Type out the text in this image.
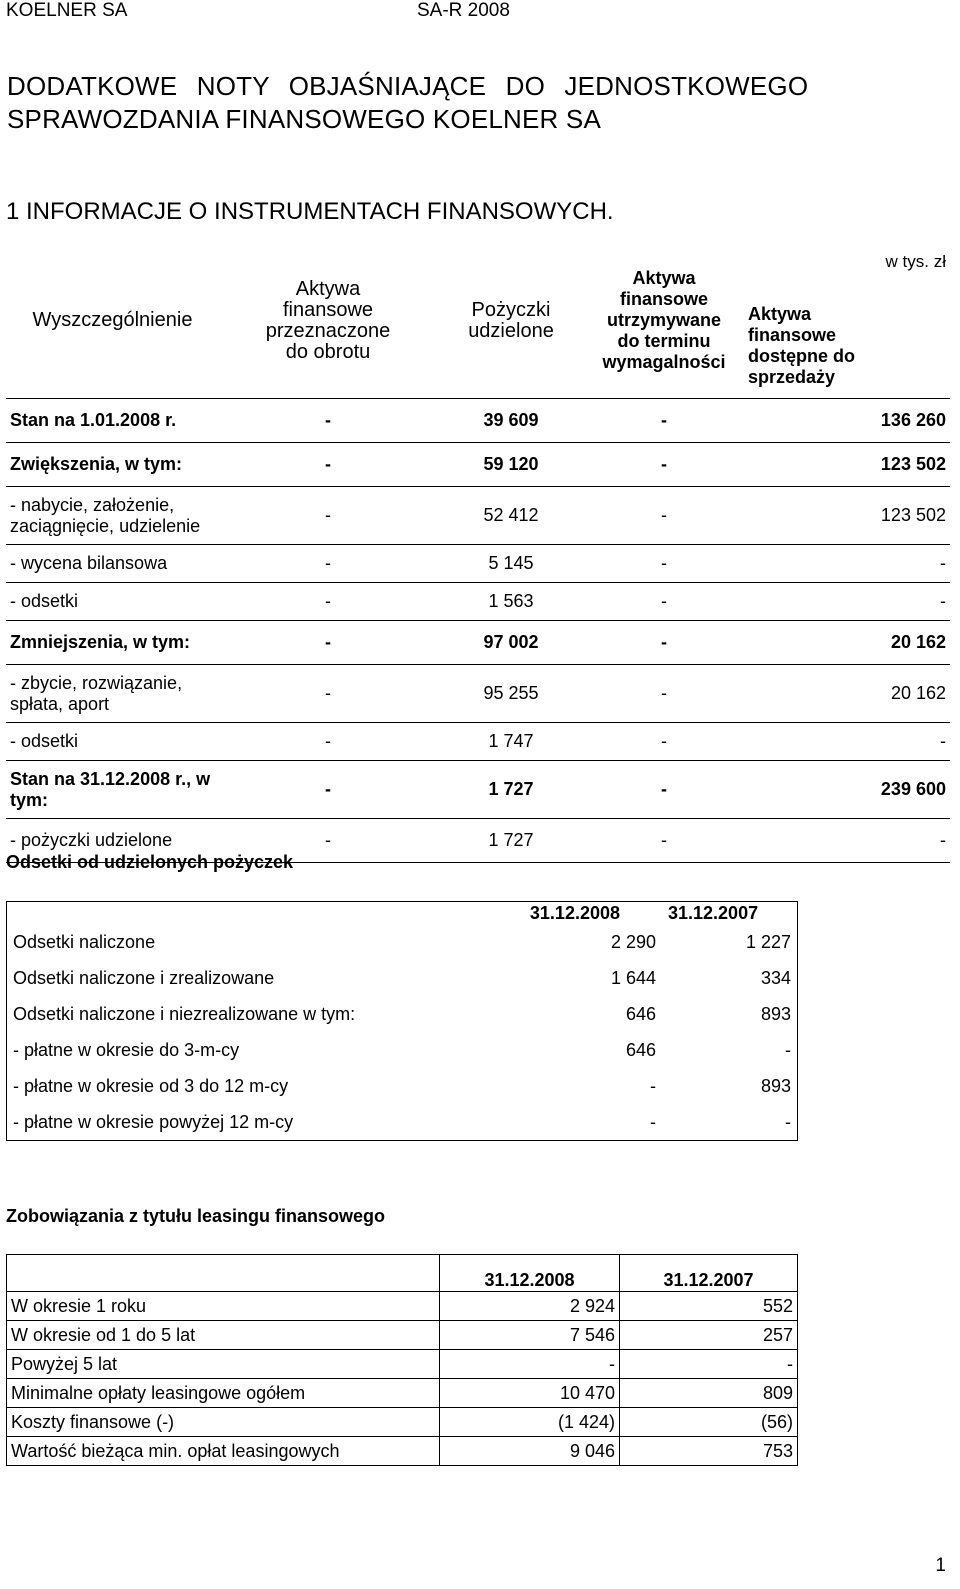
KOELNER SA	SA-R 2008
DODATKOWE NOTY OBJAŚNIAJĄCE DO JEDNOSTKOWEGO
SPRAWOZDANIA FINANSOWEGO KOELNER SA
1 INFORMACJE O INSTRUMENTACH FINANSOWYCH.
w tys. zł
Wyszczególnienie	Aktywa finansowe przeznaczone do obrotu	Pożyczki udzielone	Aktywa finansowe utrzymywane do terminu wymagalności	Aktywa finansowe dostępne do sprzedaży

Stan na 1.01.2008 r.	-	39 609	-	136 260
Zwiększenia, w tym:	-	59 120	-	123 502
- nabycie, założenie, zaciągnięcie, udzielenie	-	52 412	-	123 502
- wycena bilansowa	-	5 145	-	-
- odsetki	-	1 563	-	-
Zmniejszenia, w tym:	-	97 002	-	20 162
- zbycie, rozwiązanie, spłata, aport	-	95 255	-	20 162
- odsetki	-	1 747	-	-
Stan na 31.12.2008 r., w tym:	-	1 727	-	239 600
- pożyczki udzielone	-	1 727	-	-
Odsetki od udzielonych pożyczek
	31.12.2008	31.12.2007
Odsetki naliczone	2 290	1 227
Odsetki naliczone i zrealizowane	1 644	334
Odsetki naliczone i niezrealizowane w tym:	646	893
- płatne w okresie do 3-m-cy	646	-
- płatne w okresie od 3 do 12 m-cy	-	893
- płatne w okresie powyżej 12 m-cy	-	-
Zobowiązania z tytułu leasingu finansowego
	31.12.2008	31.12.2007
W okresie 1 roku	2 924	552
W okresie od 1 do 5 lat	7 546	257
Powyżej 5 lat	-	-
Minimalne opłaty leasingowe ogółem	10 470	809
Koszty finansowe (-)	(1 424)	(56)
Wartość bieżąca min. opłat leasingowych	9 046	753
1
